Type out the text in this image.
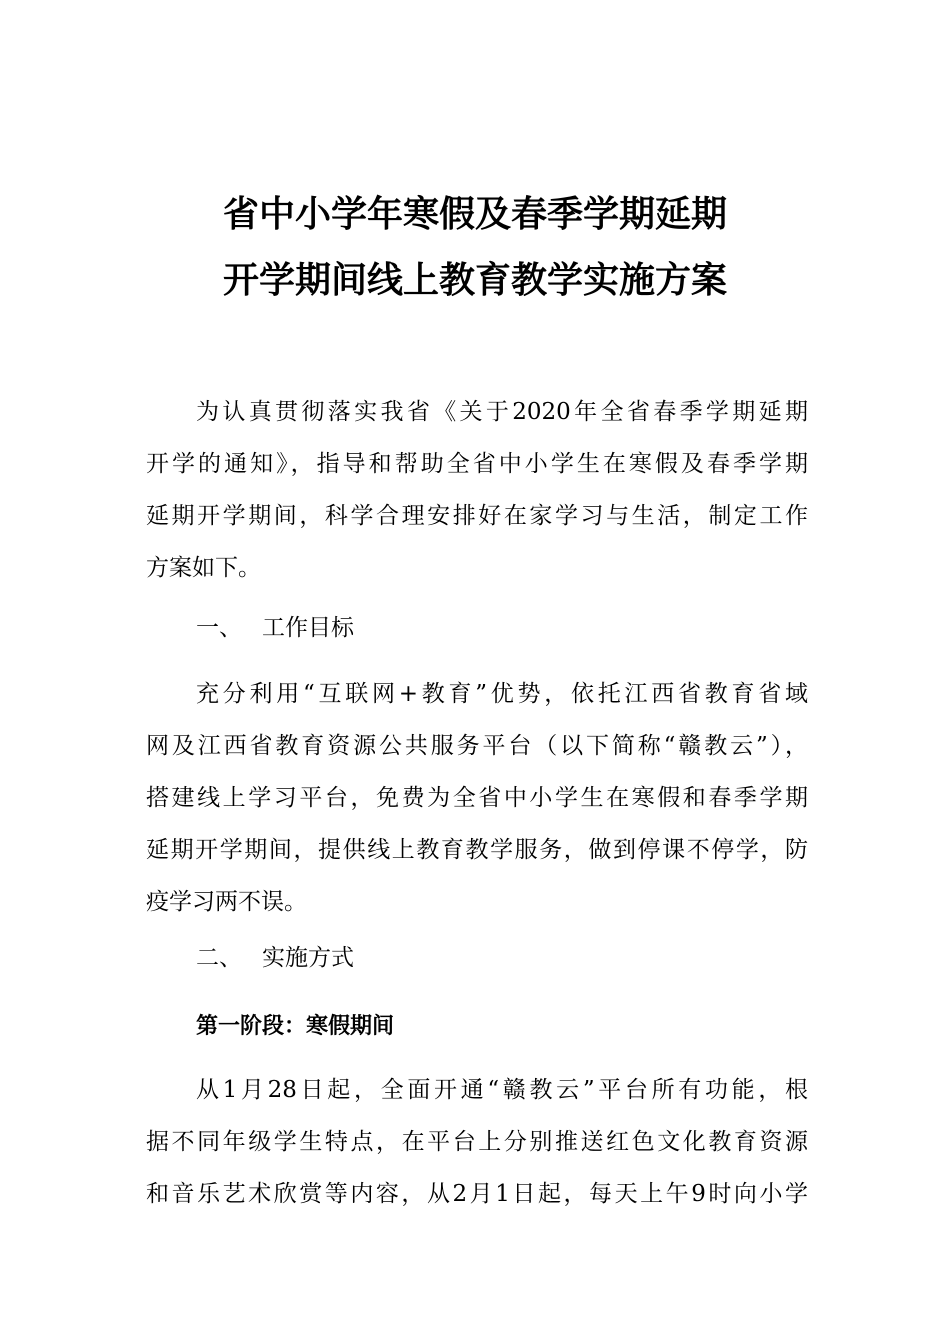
省中小学年寒假及春季学期延期
开学期间线上教育教学实施方案
为认真贯彻落实我省《关于2020年全省春季学期延期
开学的通知》，指导和帮助全省中小学生在寒假及春季学期
延期开学期间，科学合理安排好在家学习与生活，制定工作
方案如下。
一、 工作目标
充分利用“互联网+教育”优势，依托江西省教育省域
网及江西省教育资源公共服务平台（以下简称“赣教云”），
搭建线上学习平台，免费为全省中小学生在寒假和春季学期
延期开学期间，提供线上教育教学服务，做到停课不停学，防
疫学习两不误。
二、 实施方式
第一阶段：寒假期间
从1月28日起，全面开通“赣教云”平台所有功能，根
据不同年级学生特点，在平台上分别推送红色文化教育资源
和音乐艺术欣赏等内容，从2月1日起，每天上午9时向小学
